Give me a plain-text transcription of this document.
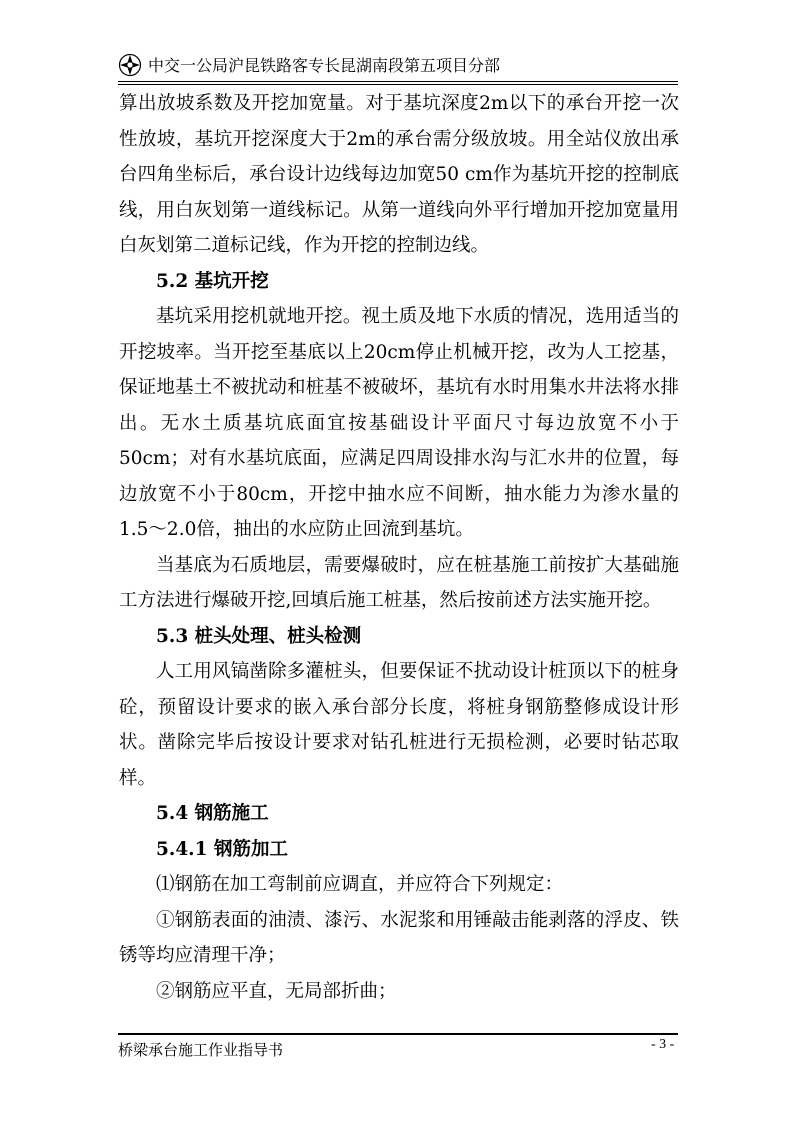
中交一公局沪昆铁路客专长昆湖南段第五项目分部

算出放坡系数及开挖加宽量。对于基坑深度2m以下的承台开挖一次性放坡，基坑开挖深度大于2m的承台需分级放坡。用全站仪放出承台四角坐标后，承台设计边线每边加宽50 cm作为基坑开挖的控制底线，用白灰划第一道线标记。从第一道线向外平行增加开挖加宽量用白灰划第二道标记线，作为开挖的控制边线。

5.2 基坑开挖

基坑采用挖机就地开挖。视土质及地下水质的情况，选用适当的开挖坡率。当开挖至基底以上20cm停止机械开挖，改为人工挖基，保证地基土不被扰动和桩基不被破坏，基坑有水时用集水井法将水排出。无水土质基坑底面宜按基础设计平面尺寸每边放宽不小于50cm；对有水基坑底面，应满足四周设排水沟与汇水井的位置，每边放宽不小于80cm，开挖中抽水应不间断，抽水能力为渗水量的1.5～2.0倍，抽出的水应防止回流到基坑。

当基底为石质地层，需要爆破时，应在桩基施工前按扩大基础施工方法进行爆破开挖,回填后施工桩基，然后按前述方法实施开挖。

5.3 桩头处理、桩头检测

人工用风镐凿除多灌桩头，但要保证不扰动设计桩顶以下的桩身砼，预留设计要求的嵌入承台部分长度，将桩身钢筋整修成设计形状。凿除完毕后按设计要求对钻孔桩进行无损检测，必要时钻芯取样。

5.4 钢筋施工

5.4.1 钢筋加工

⑴钢筋在加工弯制前应调直，并应符合下列规定：

①钢筋表面的油渍、漆污、水泥浆和用锤敲击能剥落的浮皮、铁锈等均应清理干净；

②钢筋应平直，无局部折曲；

桥梁承台施工作业指导书	- 3 -
